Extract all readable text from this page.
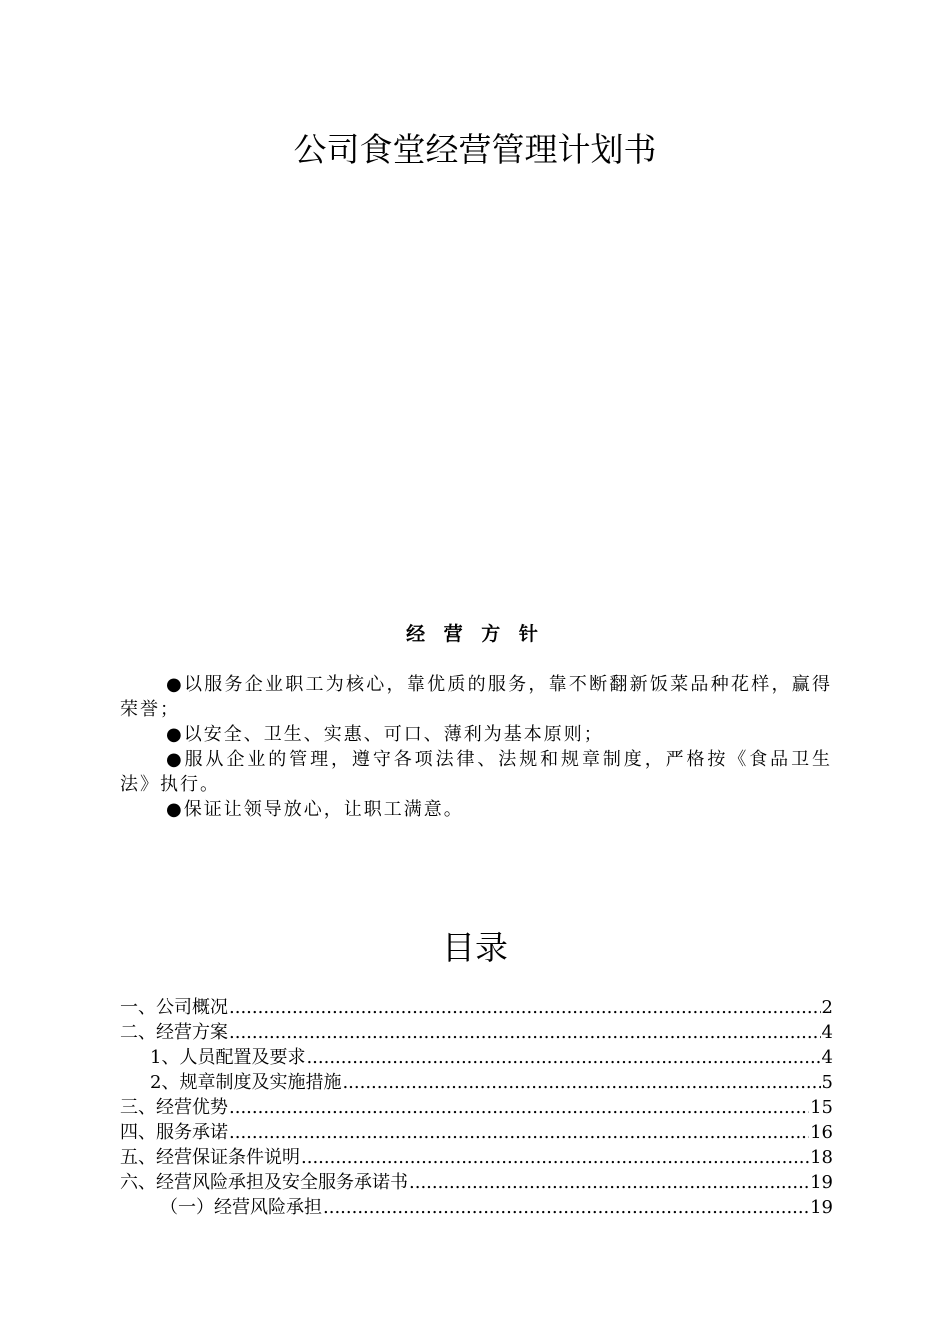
公司食堂经营管理计划书
经 营 方 针

●以服务企业职工为核心，靠优质的服务，靠不断翻新饭菜品种花样，赢得荣誉；

●以安全、卫生、实惠、可口、薄利为基本原则；

●服从企业的管理，遵守各项法律、法规和规章制度，严格按《食品卫生法》执行。

●保证让领导放心，让职工满意。

目录
一、公司概况 .....	2
二、经营方案 .....	4
1、人员配置及要求 .....	4
2、规章制度及实施措施 .....	5
三、经营优势 .....	15
四、服务承诺 .....	16
五、经营保证条件说明 .....	18
六、经营风险承担及安全服务承诺书 .....	19
（一）经营风险承担 .....	19
